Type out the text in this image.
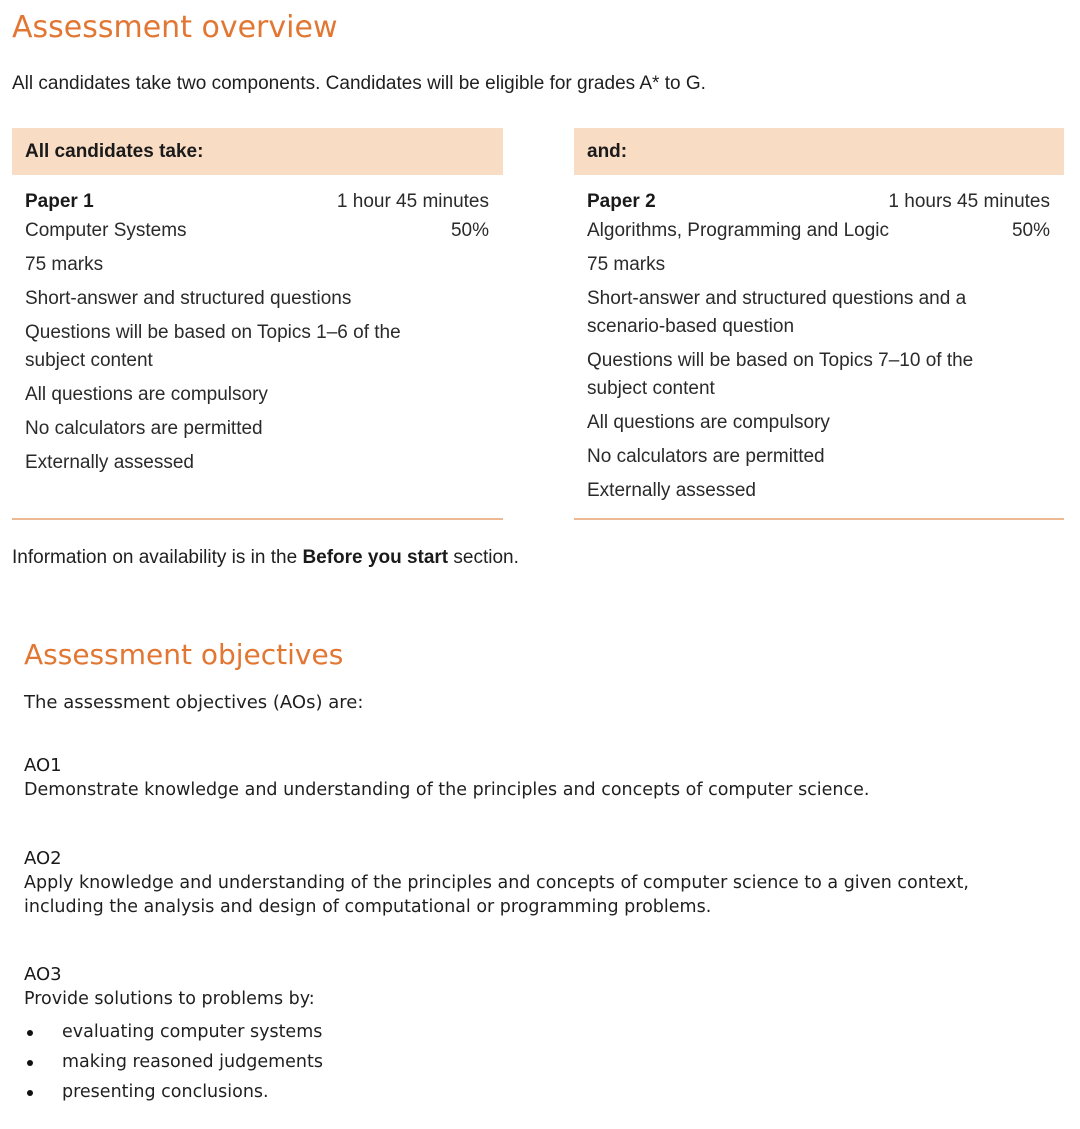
Assessment overview

All candidates take two components. Candidates will be eligible for grades A* to G.

All candidates take:
Paper 1	1 hour 45 minutes
Computer Systems	50%
75 marks
Short-answer and structured questions
Questions will be based on Topics 1–6 of the
subject content
All questions are compulsory
No calculators are permitted
Externally assessed
and:
Paper 2	1 hours 45 minutes
Algorithms, Programming and Logic	50%
75 marks
Short-answer and structured questions and a
scenario-based question
Questions will be based on Topics 7–10 of the
subject content
All questions are compulsory
No calculators are permitted
Externally assessed

Information on availability is in the Before you start section.

Assessment objectives

The assessment objectives (AOs) are:

AO1
Demonstrate knowledge and understanding of the principles and concepts of computer science.
AO2
Apply knowledge and understanding of the principles and concepts of computer science to a given context,
including the analysis and design of computational or programming problems.
AO3
Provide solutions to problems by:
evaluating computer systems
making reasoned judgements
presenting conclusions.
